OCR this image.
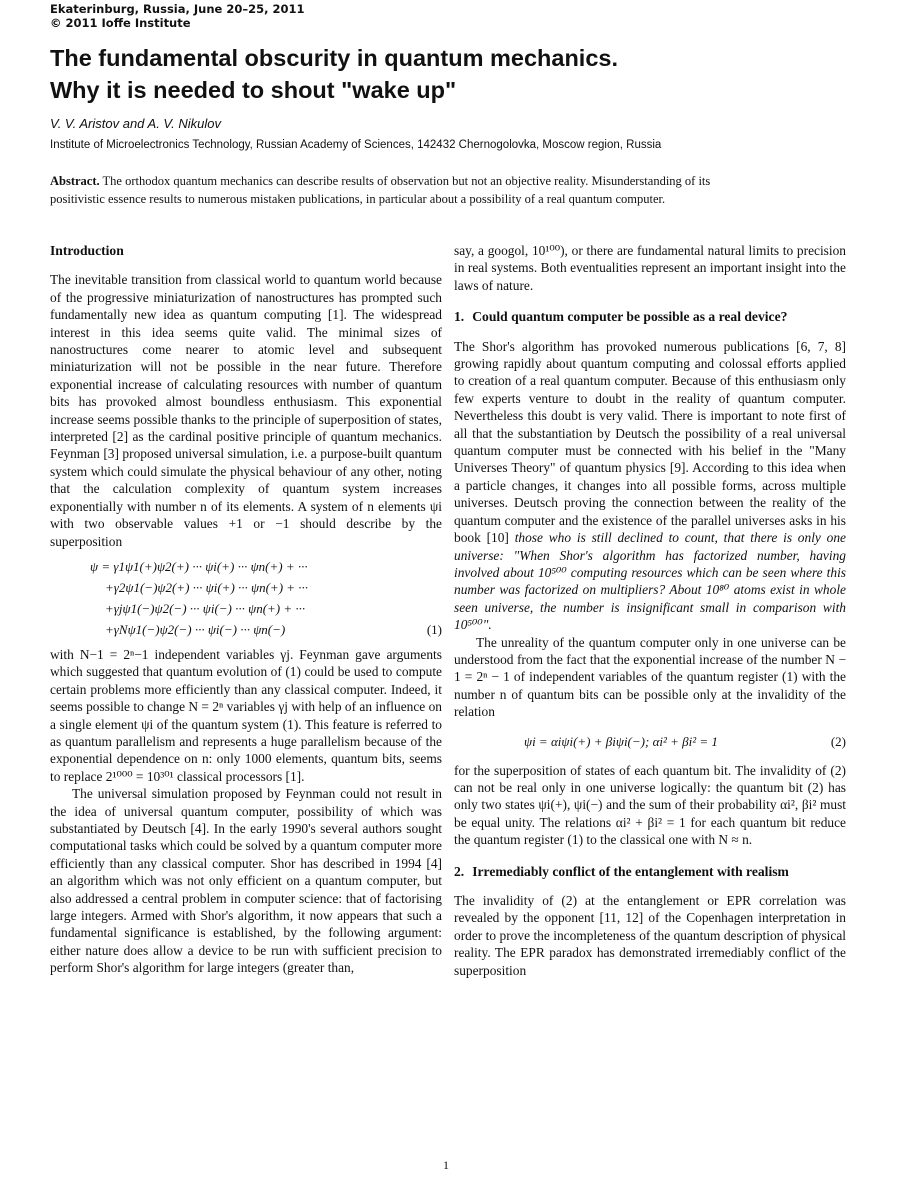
Ekaterinburg, Russia, June 20–25, 2011
© 2011 Ioffe Institute
The fundamental obscurity in quantum mechanics.
Why it is needed to shout "wake up"
V. V. Aristov and A. V. Nikulov
Institute of Microelectronics Technology, Russian Academy of Sciences, 142432 Chernogolovka, Moscow region, Russia
Abstract. The orthodox quantum mechanics can describe results of observation but not an objective reality. Misunderstanding of its positivistic essence results to numerous mistaken publications, in particular about a possibility of a real quantum computer.
Introduction

The inevitable transition from classical world to quantum world because of the progressive miniaturization of nanostructures has prompted such fundamentally new idea as quantum computing [1]. The widespread interest in this idea seems quite valid. The minimal sizes of nanostructures come nearer to atomic level and subsequent miniaturization will not be possible in the near future. Therefore exponential increase of calculating resources with number of quantum bits has provoked almost boundless enthusiasm. This exponential increase seems possible thanks to the principle of superposition of states, interpreted [2] as the cardinal positive principle of quantum mechanics. Feynman [3] proposed universal simulation, i.e. a purpose-built quantum system which could simulate the physical behaviour of any other, noting that the calculation complexity of quantum system increases exponentially with number n of its elements. A system of n elements ψi with two observable values +1 or −1 should describe by the superposition

ψ = γ1ψ1(+)ψ2(+) ··· ψi(+) ··· ψn(+) + ···
+γ2ψ1(−)ψ2(+) ··· ψi(+) ··· ψn(+) + ···
+γjψ1(−)ψ2(−) ··· ψi(−) ··· ψn(+) + ···
+γNψ1(−)ψ2(−) ··· ψi(−) ··· ψn(−)	(1)

with N−1 = 2ⁿ−1 independent variables γj. Feynman gave arguments which suggested that quantum evolution of (1) could be used to compute certain problems more efficiently than any classical computer. Indeed, it seems possible to change N = 2ⁿ variables γj with help of an influence on a single element ψi of the quantum system (1). This feature is referred to as quantum parallelism and represents a huge parallelism because of the exponential dependence on n: only 1000 elements, quantum bits, seems to replace 2¹⁰⁰⁰ = 10³⁰¹ classical processors [1].

The universal simulation proposed by Feynman could not result in the idea of universal quantum computer, possibility of which was substantiated by Deutsch [4]. In the early 1990's several authors sought computational tasks which could be solved by a quantum computer more efficiently than any classical computer. Shor has described in 1994 [4] an algorithm which was not only efficient on a quantum computer, but also addressed a central problem in computer science: that of factorising large integers. Armed with Shor's algorithm, it now appears that such a fundamental significance is established, by the following argument: either nature does allow a device to be run with sufficient precision to perform Shor's algorithm for large integers (greater than,

say, a googol, 10¹⁰⁰), or there are fundamental natural limits to precision in real systems. Both eventualities represent an important insight into the laws of nature.

1. Could quantum computer be possible as a real device?

The Shor's algorithm has provoked numerous publications [6, 7, 8] growing rapidly about quantum computing and colossal efforts applied to creation of a real quantum computer. Because of this enthusiasm only few experts venture to doubt in the reality of quantum computer. Nevertheless this doubt is very valid. There is important to note first of all that the substantiation by Deutsch the possibility of a real universal quantum computer must be connected with his belief in the "Many Universes Theory" of quantum physics [9]. According to this idea when a particle changes, it changes into all possible forms, across multiple universes. Deutsch proving the connection between the reality of the quantum computer and the existence of the parallel universes asks in his book [10] those who is still declined to count, that there is only one universe: "When Shor's algorithm has factorized number, having involved about 10⁵⁰⁰ computing resources which can be seen where this number was factorized on multipliers? About 10⁸⁰ atoms exist in whole seen universe, the number is insignificant small in comparison with 10⁵⁰⁰".

The unreality of the quantum computer only in one universe can be understood from the fact that the exponential increase of the number N − 1 = 2ⁿ − 1 of independent variables of the quantum register (1) with the number n of quantum bits can be possible only at the invalidity of the relation

ψi = αiψi(+) + βiψi(−); αi² + βi² = 1	(2)

for the superposition of states of each quantum bit. The invalidity of (2) can not be real only in one universe logically: the quantum bit (2) has only two states ψi(+), ψi(−) and the sum of their probability αi², βi² must be equal unity. The relations αi² + βi² = 1 for each quantum bit reduce the quantum register (1) to the classical one with N ≈ n.

2. Irremediably conflict of the entanglement with realism

The invalidity of (2) at the entanglement or EPR correlation was revealed by the opponent [11, 12] of the Copenhagen interpretation in order to prove the incompleteness of the quantum description of physical reality. The EPR paradox has demonstrated irremediably conflict of the superposition

1
